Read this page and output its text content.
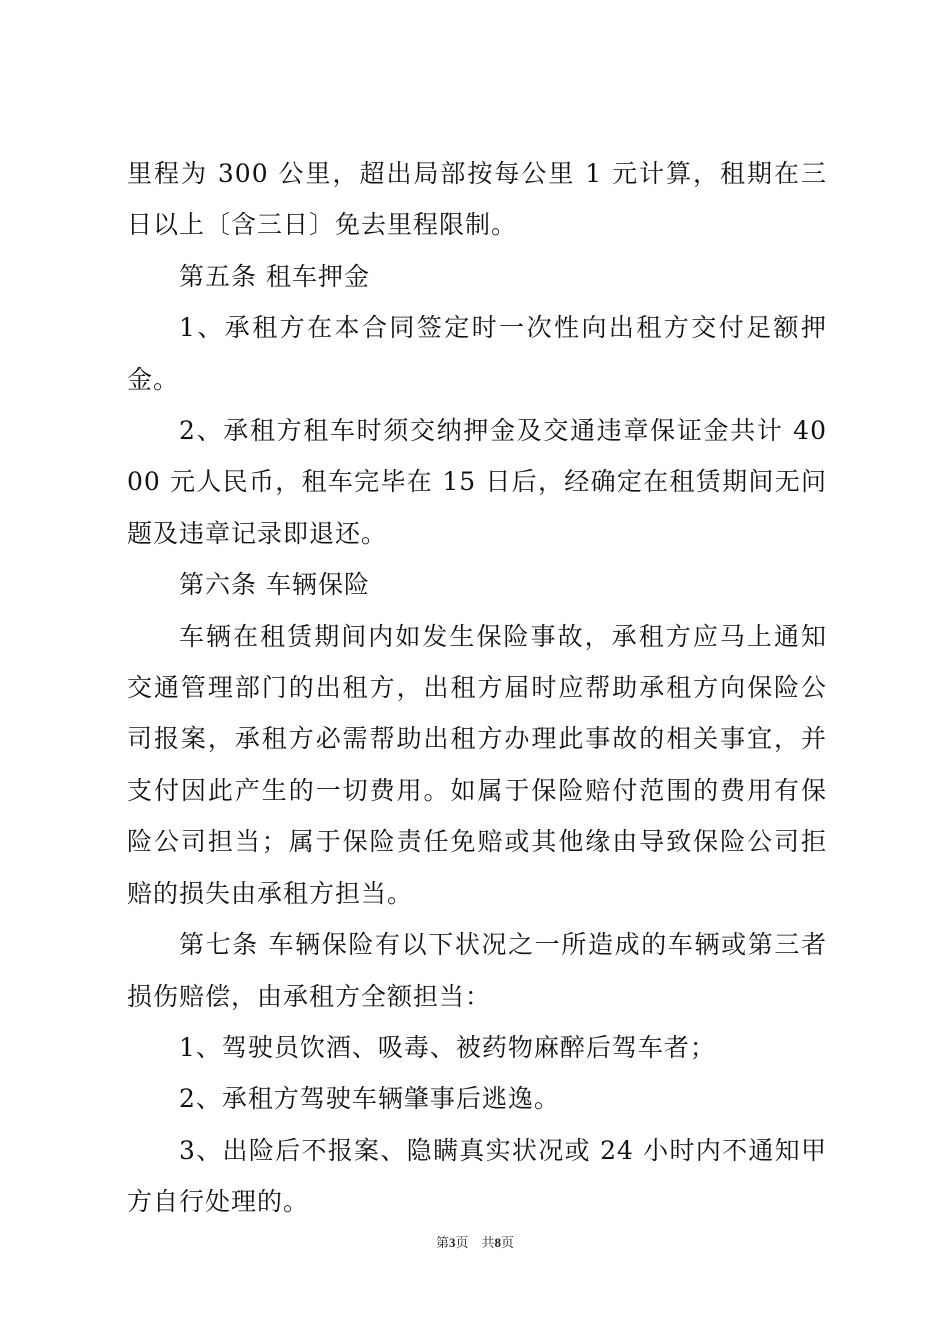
里程为 300 公里，超出局部按每公里 1 元计算，租期在三日以上〔含三日〕免去里程限制。

第五条 租车押金

1、承租方在本合同签定时一次性向出租方交付足额押金。

2、承租方租车时须交纳押金及交通违章保证金共计 4000 元人民币，租车完毕在 15 日后，经确定在租赁期间无问题及违章记录即退还。

第六条 车辆保险

车辆在租赁期间内如发生保险事故，承租方应马上通知交通管理部门的出租方，出租方届时应帮助承租方向保险公司报案，承租方必需帮助出租方办理此事故的相关事宜，并支付因此产生的一切费用。如属于保险赔付范围的费用有保险公司担当；属于保险责任免赔或其他缘由导致保险公司拒赔的损失由承租方担当。

第七条 车辆保险有以下状况之一所造成的车辆或第三者损伤赔偿，由承租方全额担当：

1、驾驶员饮酒、吸毒、被药物麻醉后驾车者；

2、承租方驾驶车辆肇事后逃逸。

3、出险后不报案、隐瞒真实状况或 24 小时内不通知甲方自行处理的。

第3页　共8页
